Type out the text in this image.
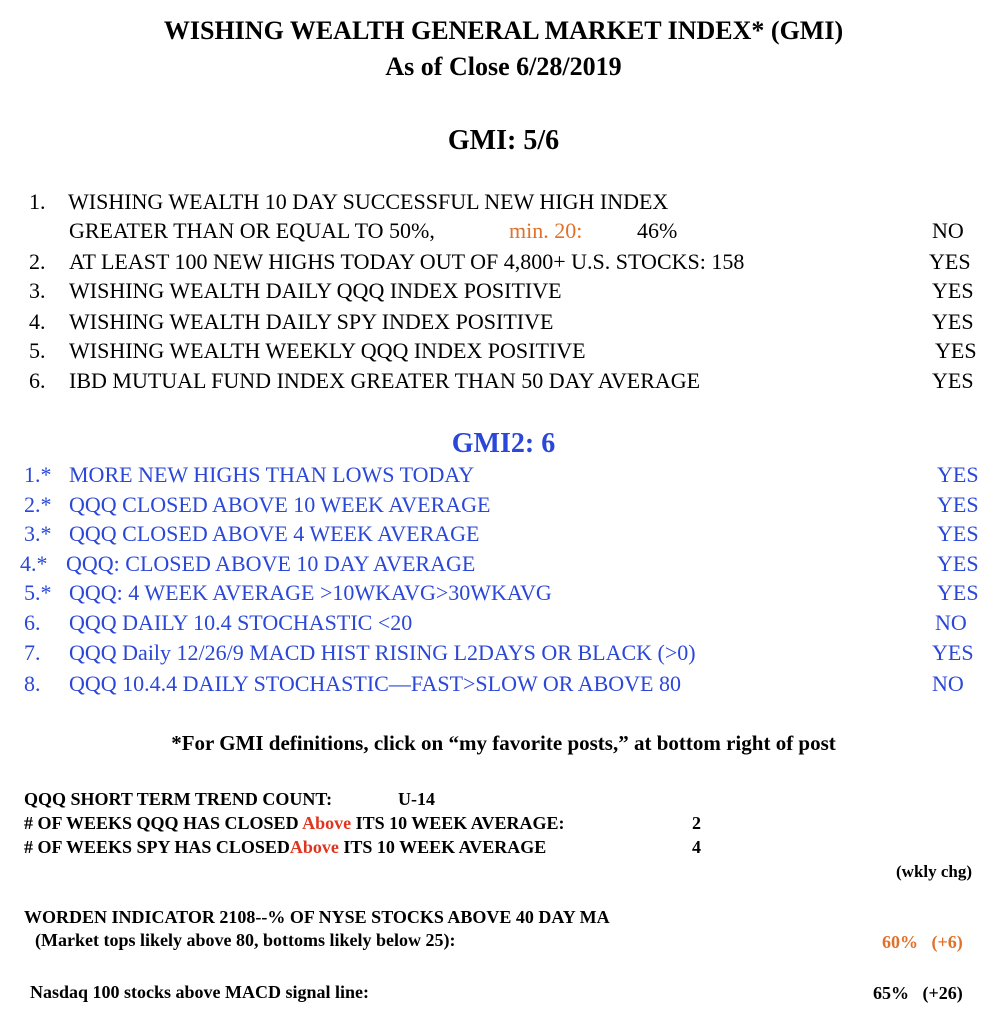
WISHING WEALTH GENERAL MARKET INDEX* (GMI)
As of Close 6/28/2019
GMI: 5/6
1. WISHING WEALTH 10 DAY SUCCESSFUL NEW HIGH INDEX
GREATER THAN OR EQUAL TO 50%,	min. 20: 46%	NO
2. AT LEAST 100 NEW HIGHS TODAY OUT OF 4,800+ U.S. STOCKS: 158	YES
3. WISHING WEALTH DAILY QQQ INDEX POSITIVE	YES
4. WISHING WEALTH DAILY SPY INDEX POSITIVE	YES
5. WISHING WEALTH WEEKLY QQQ INDEX POSITIVE	YES
6. IBD MUTUAL FUND INDEX GREATER THAN 50 DAY AVERAGE	YES
GMI2: 6
1.* MORE NEW HIGHS THAN LOWS TODAY	YES
2.* QQQ CLOSED ABOVE 10 WEEK AVERAGE	YES
3.* QQQ CLOSED ABOVE 4 WEEK AVERAGE	YES
4.* QQQ: CLOSED ABOVE 10 DAY AVERAGE	YES
5.* QQQ: 4 WEEK AVERAGE >10WKAVG>30WKAVG	YES
6. QQQ DAILY 10.4 STOCHASTIC <20	NO
7. QQQ Daily 12/26/9 MACD HIST RISING L2DAYS OR BLACK (>0)	YES
8. QQQ 10.4.4 DAILY STOCHASTIC—FAST>SLOW OR ABOVE 80	NO
*For GMI definitions, click on “my favorite posts,” at bottom right of post
QQQ SHORT TERM TREND COUNT:	U-14
# OF WEEKS QQQ HAS CLOSED Above ITS 10 WEEK AVERAGE:	2
# OF WEEKS SPY HAS CLOSEDAbove ITS 10 WEEK AVERAGE	4
(wkly chg)
WORDEN INDICATOR 2108--% OF NYSE STOCKS ABOVE 40 DAY MA
(Market tops likely above 80, bottoms likely below 25):	60%   (+6)
Nasdaq 100 stocks above MACD signal line:	65%   (+26)
